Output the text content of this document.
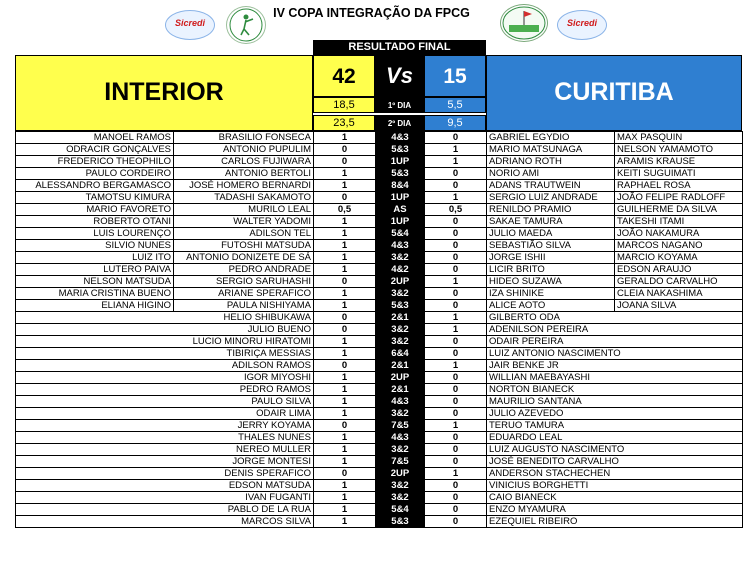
IV COPA INTEGRAÇÃO DA FPCG
Sicredi	Sicredi
RESULTADO FINAL
INTERIOR	CURITIBA
42	Vs	15
18,5	1º DIA	5,5
23,5	2º DIA	9,5
MANOEL RAMOS	BRASILIO FONSECA	1	4&3	0	GABRIEL EGYDIO	MAX PASQUIN
ODRACIR GONÇALVES	ANTONIO PUPULIM	0	5&3	1	MARIO MATSUNAGA	NELSON YAMAMOTO
FREDERICO THEOPHILO	CARLOS FUJIWARA	0	1UP	1	ADRIANO ROTH	ARAMIS KRAUSE
PAULO CORDEIRO	ANTONIO BERTOLI	1	5&3	0	NORIO AMI	KEITI SUGUIMATI
ALESSANDRO BERGAMASCO	JOSÉ HOMERO BERNARDI	1	8&4	0	ADANS TRAUTWEIN	RAPHAEL ROSA
TAMOTSU KIMURA	TADASHI SAKAMOTO	0	1UP	1	SERGIO LUIZ ANDRADE	JOÃO FELIPE RADLOFF
MARIO FAVORETO	MURILO LEAL	0,5	AS	0,5	RENILDO PRAMIO	GUILHERME DA SILVA
ROBERTO OTANI	WALTER YADOMI	1	1UP	0	SAKAE TAMURA	TAKESHI ITAMI
LUIS LOURENÇO	ADILSON TEL	1	5&4	0	JULIO MAEDA	JOÃO NAKAMURA
SILVIO NUNES	FUTOSHI MATSUDA	1	4&3	0	SEBASTIÃO SILVA	MARCOS NAGANO
LUIZ ITO	ANTONIO DONIZETE DE SÁ	1	3&2	0	JORGE ISHII	MARCIO KOYAMA
LUTERO PAIVA	PEDRO ANDRADE	1	4&2	0	LICIR BRITO	EDSON ARAUJO
NELSON MATSUDA	SERGIO SARUHASHI	0	2UP	1	HIDEO SUZAWA	GERALDO CARVALHO
MARIA CRISTINA BUENO	ARIANE SPERAFICO	1	3&2	0	IZA SHINIKE	CLEIA NAKASHIMA
ELIANA HIGINO	PAULA NISHIYAMA	1	5&3	0	ALICE AOTO	JOANA SILVA
HELIO SHIBUKAWA		0	2&1	1	GILBERTO ODA	
JULIO BUENO		0	3&2	1	ADENILSON PEREIRA	
LUCIO MINORU HIRATOMI		1	3&2	0	ODAIR PEREIRA	
TIBIRIÇA MESSIAS		1	6&4	0	LUIZ ANTONIO NASCIMENTO	
ADILSON RAMOS		0	2&1	1	JAIR BENKE JR	
IGOR MIYOSHI		1	2UP	0	WILLIAN MAEBAYASHI	
PEDRO RAMOS		1	2&1	0	NORTON BIANECK	
PAULO SILVA		1	4&3	0	MAURILIO SANTANA	
ODAIR LIMA		1	3&2	0	JULIO AZEVEDO	
JERRY KOYAMA		0	7&5	1	TERUO TAMURA	
THALES NUNES		1	4&3	0	EDUARDO LEAL	
NEREO MULLER		1	3&2	0	LUIZ AUGUSTO NASCIMENTO	
JORGE MONTESI		1	7&5	0	JOSÉ BENEDITO CARVALHO	
DENIS SPERAFICO		0	2UP	1	ANDERSON STACHECHEN	
EDSON MATSUDA		1	3&2	0	VINICIUS BORGHETTI	
IVAN FUGANTI		1	3&2	0	CAIO BIANECK	
PABLO DE LA RUA		1	5&4	0	ENZO MYAMURA	
MARCOS SILVA		1	5&3	0	EZEQUIEL RIBEIRO	
